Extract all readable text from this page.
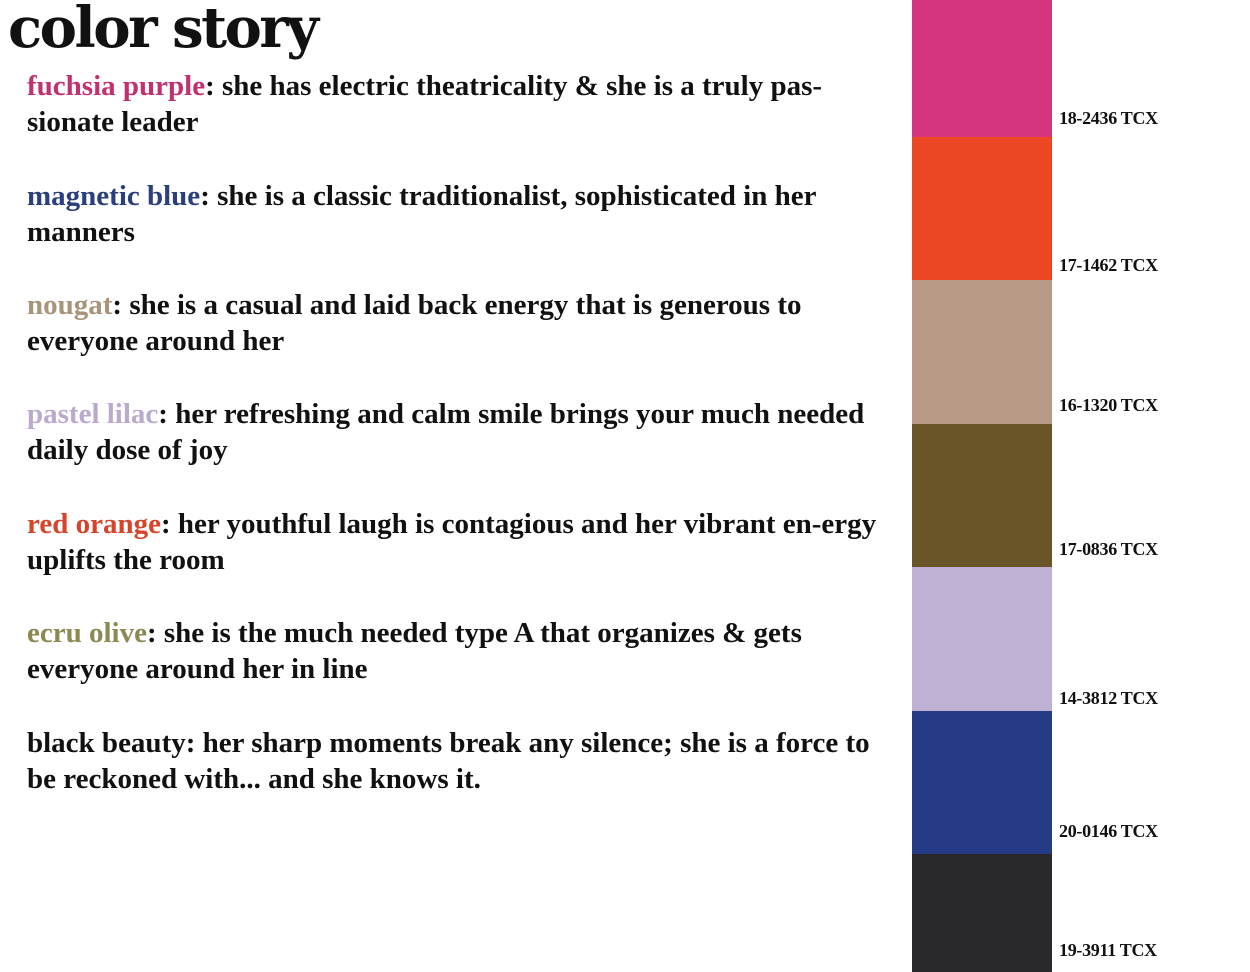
color story

fuchsia purple: she has electric theatricality & she is a truly pas-sionate leader

magnetic blue: she is a classic traditionalist, sophisticated in her manners

nougat: she is a casual and laid back energy that is generous to everyone around her

pastel lilac: her refreshing and calm smile brings your much needed daily dose of joy

red orange: her youthful laugh is contagious and her vibrant en-ergy uplifts the room

ecru olive: she is the much needed type A that organizes & gets everyone around her in line

black beauty: her sharp moments break any silence; she is a force to be reckoned with... and she knows it.

18-2436 TCX

17-1462 TCX

16-1320 TCX

17-0836 TCX

14-3812 TCX

20-0146 TCX

19-3911 TCX
